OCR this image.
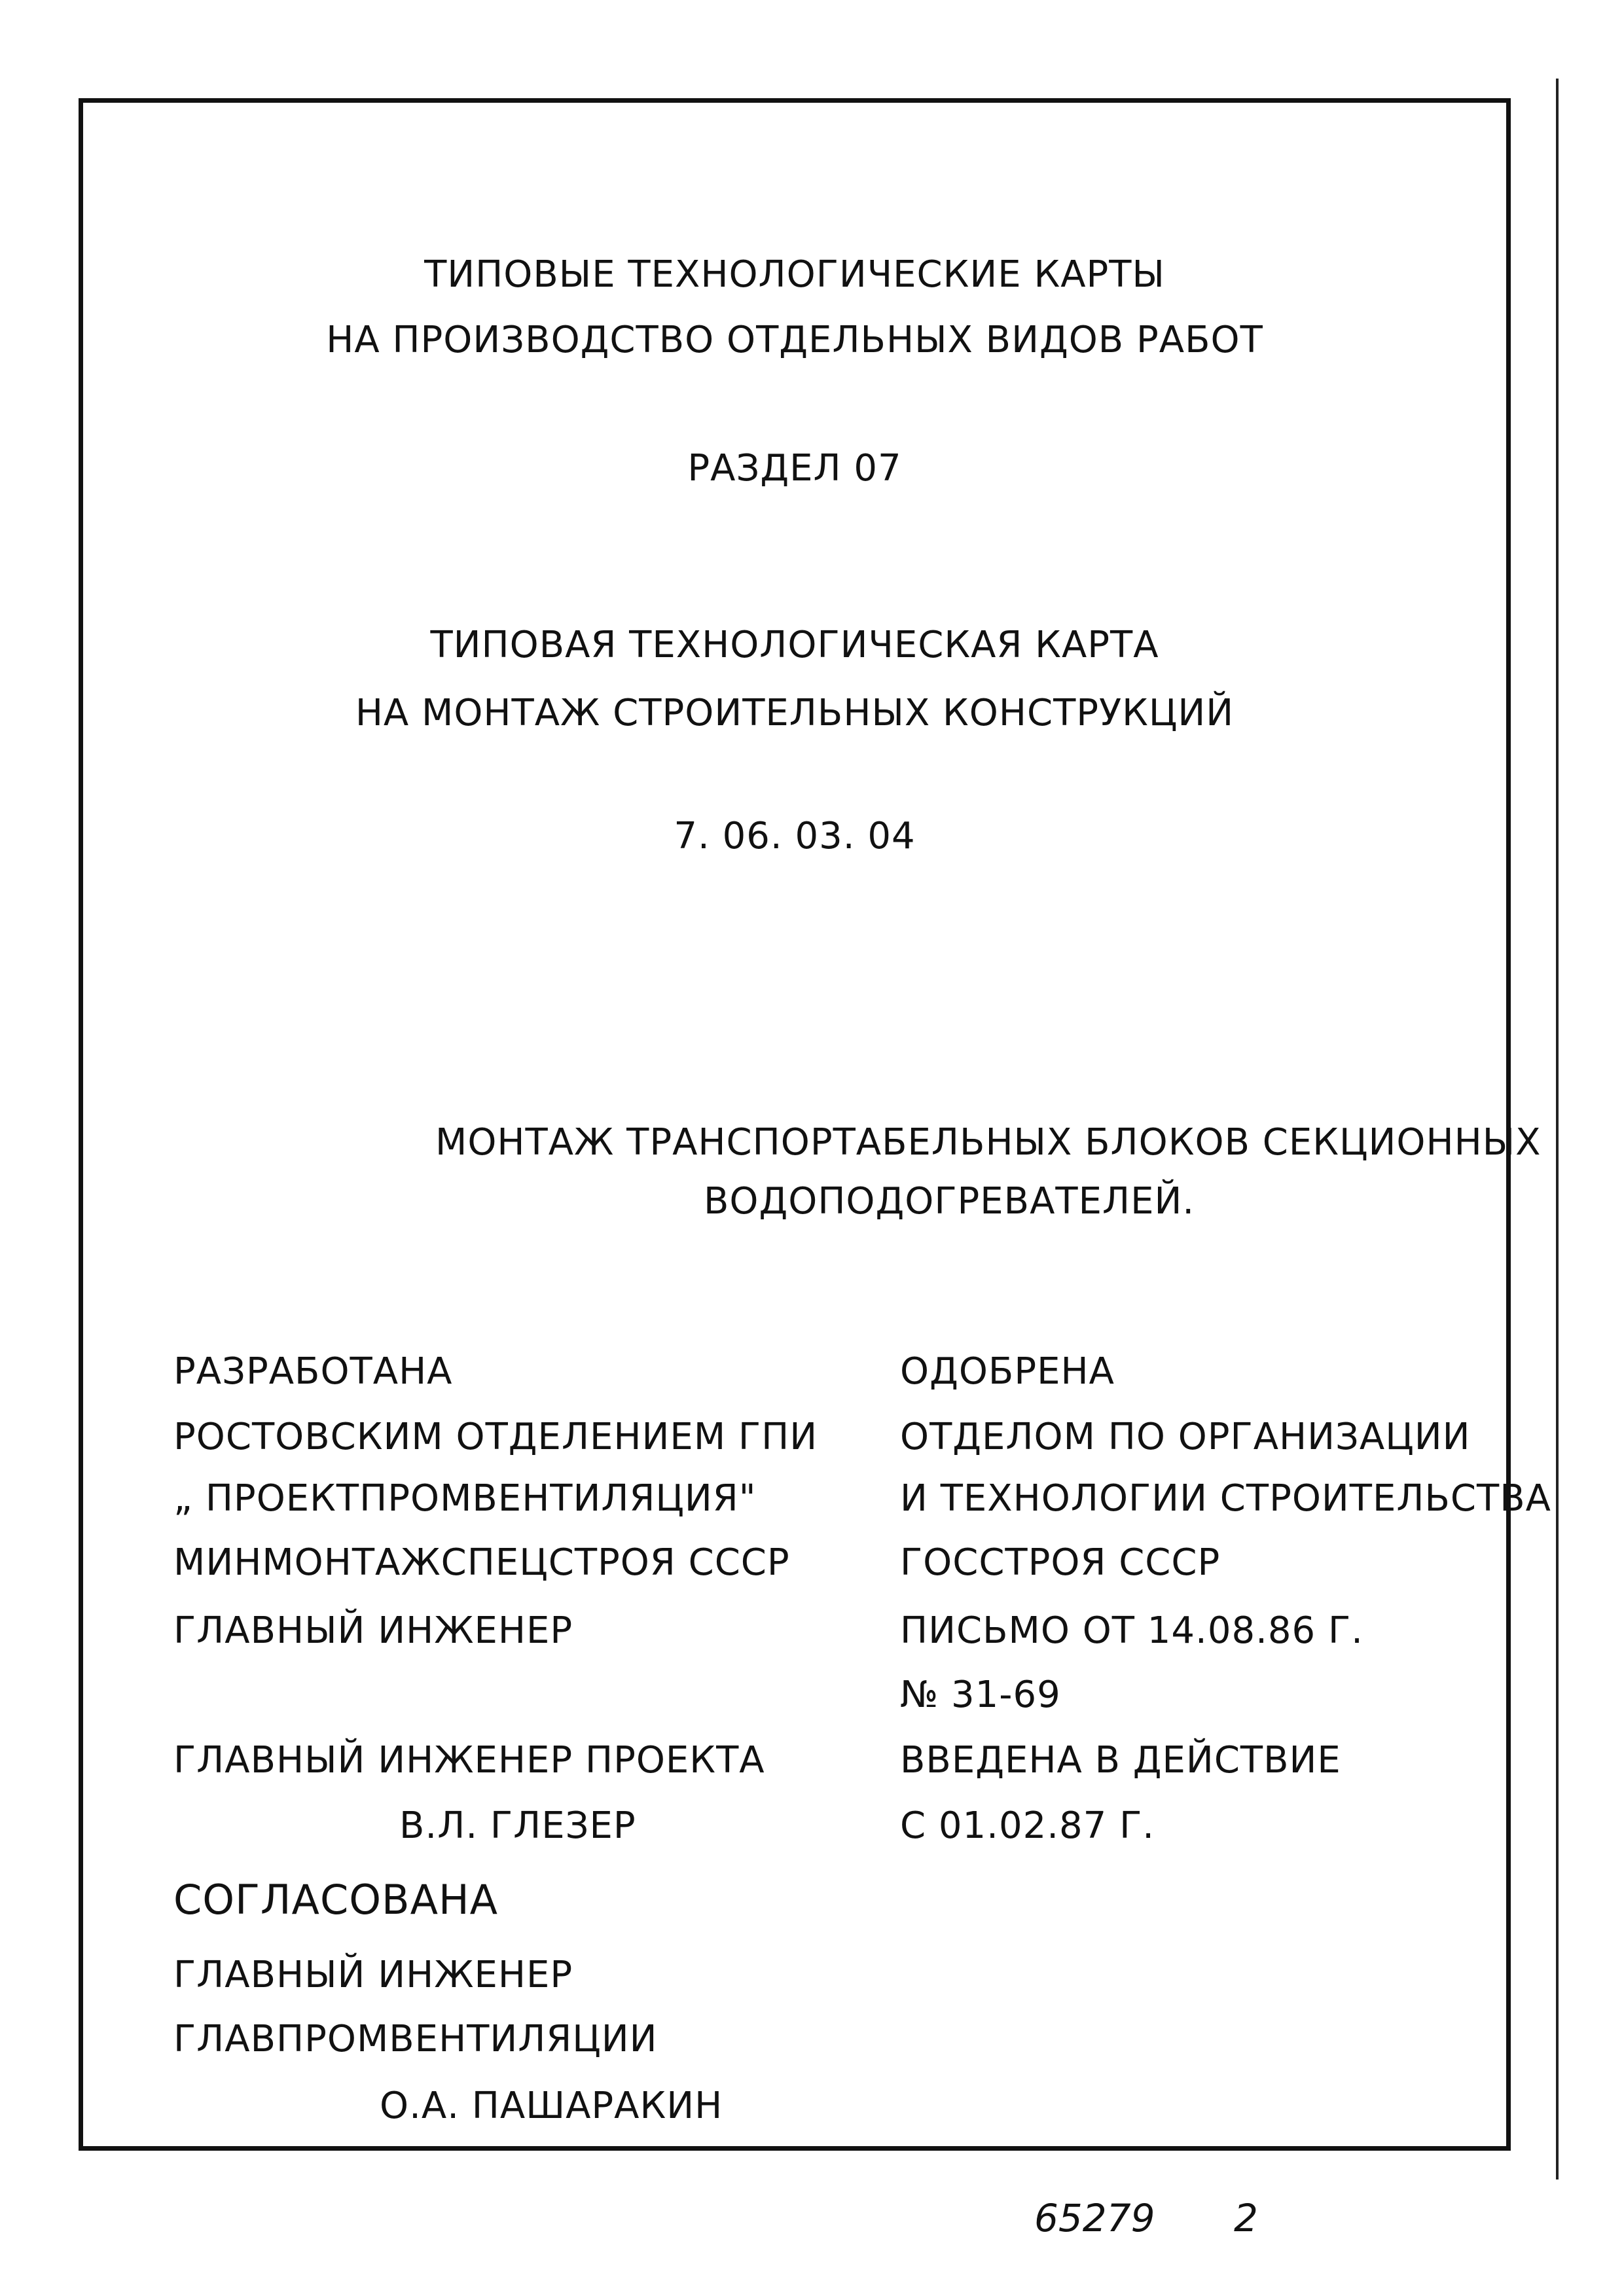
ТИПОВЫЕ ТЕХНОЛОГИЧЕСКИЕ КАРТЫ
НА ПРОИЗВОДСТВО ОТДЕЛЬНЫХ ВИДОВ РАБОТ
РАЗДЕЛ 07
ТИПОВАЯ ТЕХНОЛОГИЧЕСКАЯ КАРТА
НА МОНТАЖ СТРОИТЕЛЬНЫХ КОНСТРУКЦИЙ
7. 06. 03. 04
МОНТАЖ ТРАНСПОРТАБЕЛЬНЫХ БЛОКОВ СЕКЦИОННЫХ
ВОДОПОДОГРЕВАТЕЛЕЙ.
РАЗРАБОТАНА
РОСТОВСКИМ ОТДЕЛЕНИЕМ ГПИ
„ ПРОЕКТПРОМВЕНТИЛЯЦИЯ"
МИНМОНТАЖСПЕЦСТРОЯ СССР
ГЛАВНЫЙ ИНЖЕНЕР
ГЛАВНЫЙ ИНЖЕНЕР ПРОЕКТА
В.Л. ГЛЕЗЕР
ОДОБРЕНА
ОТДЕЛОМ ПО ОРГАНИЗАЦИИ
И ТЕХНОЛОГИИ СТРОИТЕЛЬСТВА
ГОССТРОЯ СССР
ПИСЬМО ОТ 14.08.86 Г.
№ 31-69
ВВЕДЕНА В ДЕЙСТВИЕ
С 01.02.87 Г.
СОГЛАСОВАНА
ГЛАВНЫЙ ИНЖЕНЕР
ГЛАВПРОМВЕНТИЛЯЦИИ
О.А. ПАШАРАКИН
65279 2
